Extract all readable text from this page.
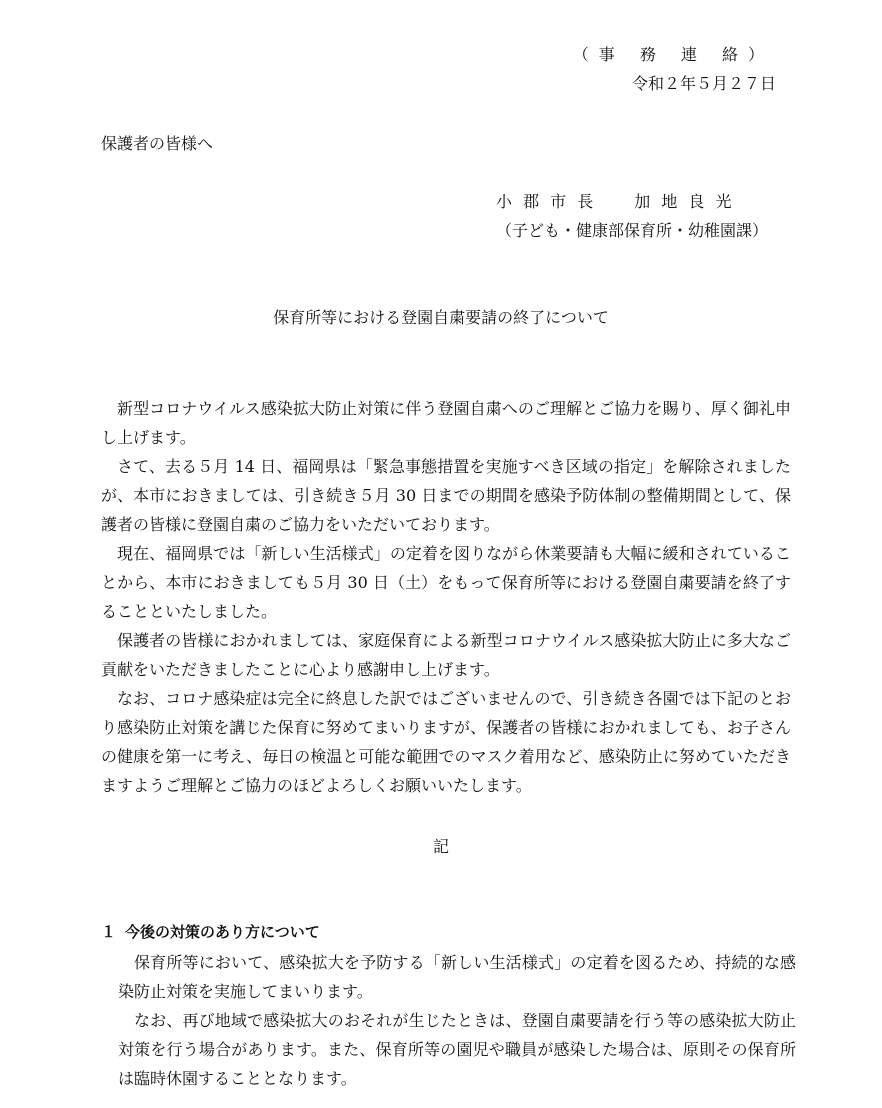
（事 務 連 絡）
令和２年５月２７日
保護者の皆様へ
小 郡 市 長　　加 地 良 光
（子ども・健康部保育所・幼稚園課）
保育所等における登園自粛要請の終了について

新型コロナウイルス感染拡大防止対策に伴う登園自粛へのご理解とご協力を賜り、厚く御礼申し上げます。

さて、去る５月 14 日、福岡県は「緊急事態措置を実施すべき区域の指定」を解除されましたが、本市におきましては、引き続き５月 30 日までの期間を感染予防体制の整備期間として、保護者の皆様に登園自粛のご協力をいただいております。

現在、福岡県では「新しい生活様式」の定着を図りながら休業要請も大幅に緩和されていることから、本市におきましても５月 30 日（土）をもって保育所等における登園自粛要請を終了することといたしました。

保護者の皆様におかれましては、家庭保育による新型コロナウイルス感染拡大防止に多大なご貢献をいただきましたことに心より感謝申し上げます。

なお、コロナ感染症は完全に終息した訳ではございませんので、引き続き各園では下記のとおり感染防止対策を講じた保育に努めてまいりますが、保護者の皆様におかれましても、お子さんの健康を第一に考え、毎日の検温と可能な範囲でのマスク着用など、感染防止に努めていただきますようご理解とご協力のほどよろしくお願いいたします。

記
１ 今後の対策のあり方について

保育所等において、感染拡大を予防する「新しい生活様式」の定着を図るため、持続的な感染防止対策を実施してまいります。

なお、再び地域で感染拡大のおそれが生じたときは、登園自粛要請を行う等の感染拡大防止対策を行う場合があります。また、保育所等の園児や職員が感染した場合は、原則その保育所は臨時休園することとなります。
